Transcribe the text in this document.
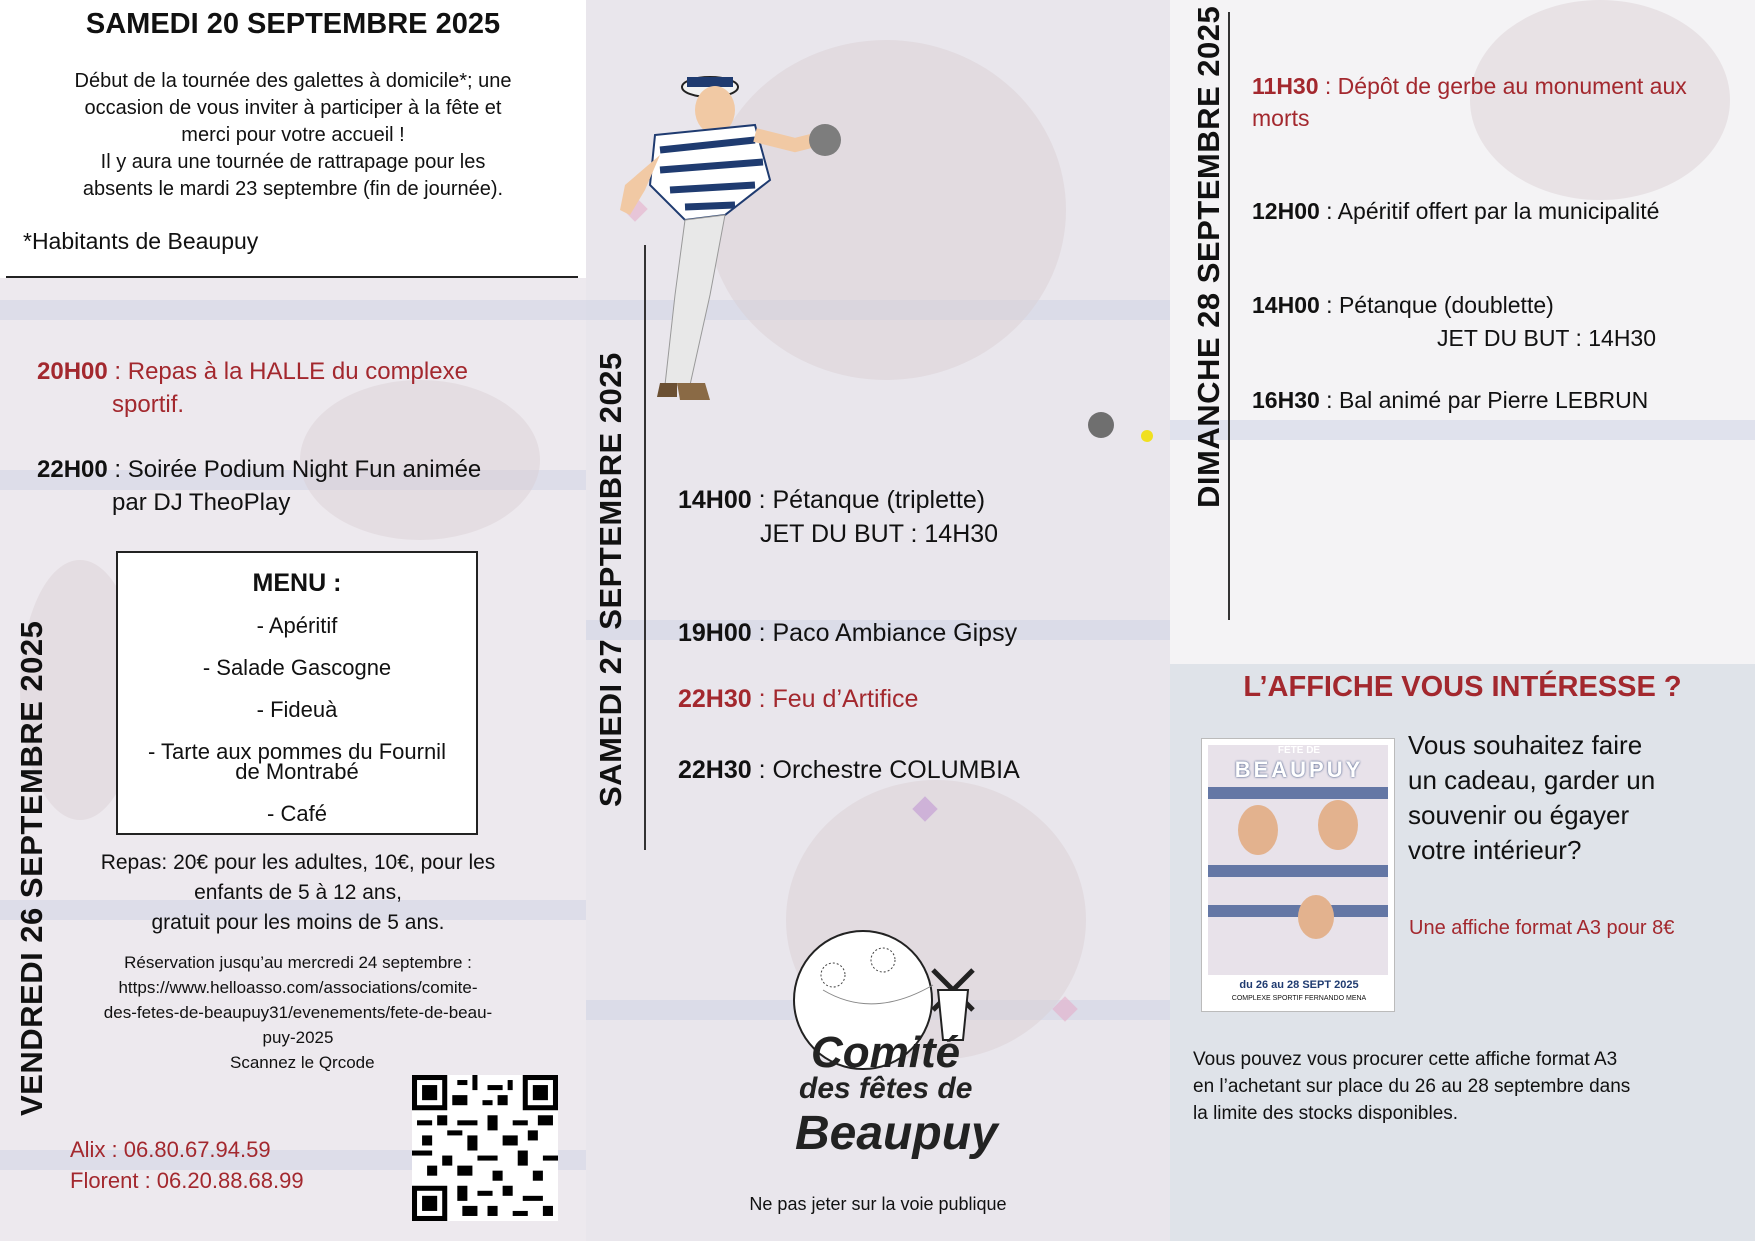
SAMEDI 20 SEPTEMBRE 2025
Début de la tournée des galettes à domicile*; une
occasion de vous inviter à participer à la fête et
merci pour votre accueil !
Il y aura une tournée de rattrapage pour les
absents le mardi 23 septembre (fin de journée).
*Habitants de Beaupuy
VENDREDI 26 SEPTEMBRE 2025
20H00 : Repas à la HALLE du complexe
sportif.
22H00 : Soirée Podium Night Fun animée
par DJ TheoPlay
MENU :
- Apéritif
- Salade Gascogne
- Fideuà
- Tarte aux pommes du Fournil
de Montrabé
- Café
Repas: 20€ pour les adultes, 10€, pour les
enfants de 5 à 12 ans,
gratuit pour les moins de 5 ans.
Réservation jusqu’au mercredi 24 septembre :
https://www.helloasso.com/associations/comite-
des-fetes-de-beaupuy31/evenements/fete-de-beau-
puy-2025
Scannez le Qrcode
Alix : 06.80.67.94.59
Florent : 06.20.88.68.99
SAMEDI 27 SEPTEMBRE 2025 14H00 : Pétanque (triplette)
JET DU BUT : 14H30
19H00 : Paco Ambiance Gipsy
22H30 : Feu d’Artifice
22H30 : Orchestre COLUMBIA
Comité
des fêtes de
Beaupuy
Ne pas jeter sur la voie publique
DIMANCHE 28 SEPTEMBRE 2025 11H30 : Dépôt de gerbe au monument aux
morts
12H00 : Apéritif offert par la municipalité
14H00 : Pétanque (doublette)
JET DU BUT : 14H30
16H30 : Bal animé par Pierre LEBRUN
L’AFFICHE VOUS INTÉRESSE ?
FÊTE DE
BEAUPUY
du 26 au 28 SEPT 2025
COMPLEXE SPORTIF FERNANDO MENA
Vous souhaitez faire
un cadeau, garder un
souvenir ou égayer
votre intérieur?
Une affiche format A3 pour 8€
Vous pouvez vous procurer cette affiche format A3
en l’achetant sur place du 26 au 28 septembre dans
la limite des stocks disponibles.
